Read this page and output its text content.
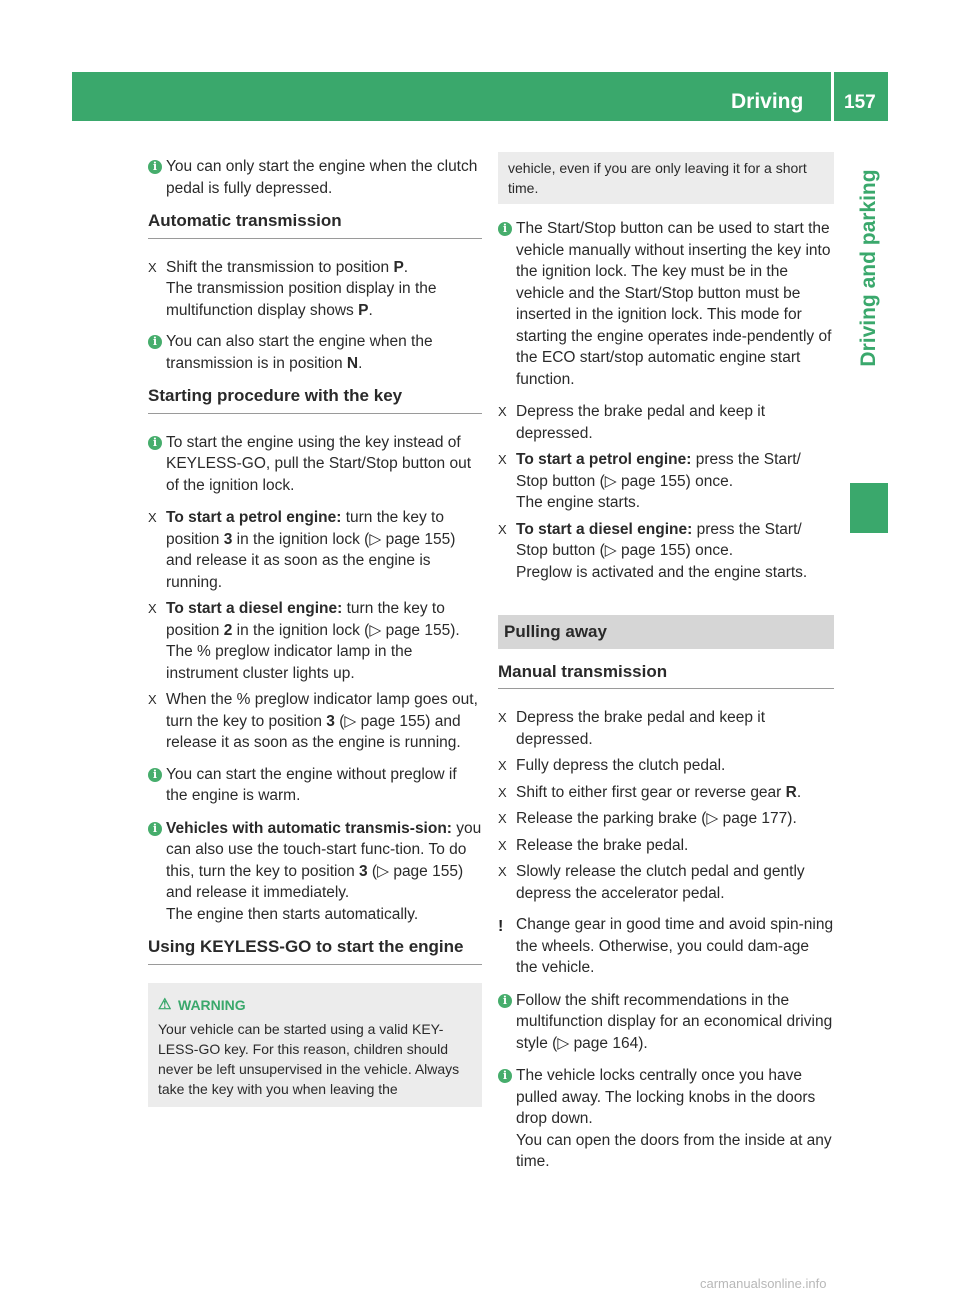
Driving 157
Driving and parking

i You can only start the engine when the clutch pedal is fully depressed.

Automatic transmission

X Shift the transmission to position P.
The transmission position display in the multifunction display shows P.

i You can also start the engine when the transmission is in position N.

Starting procedure with the key

i To start the engine using the key instead of KEYLESS-GO, pull the Start/Stop button out of the ignition lock.

X To start a petrol engine: turn the key to position 3 in the ignition lock (▷ page 155) and release it as soon as the engine is running.

X To start a diesel engine: turn the key to position 2 in the ignition lock (▷ page 155).
The % preglow indicator lamp in the instrument cluster lights up.

X When the % preglow indicator lamp goes out, turn the key to position 3 (▷ page 155) and release it as soon as the engine is running.

i You can start the engine without preglow if the engine is warm.

i Vehicles with automatic transmis-sion: you can also use the touch-start func-tion. To do this, turn the key to position 3 (▷ page 155) and release it immediately.
The engine then starts automatically.

Using KEYLESS-GO to start the engine

⚠ WARNING
Your vehicle can be started using a valid KEY-LESS-GO key. For this reason, children should never be left unsupervised in the vehicle. Always take the key with you when leaving the
vehicle, even if you are only leaving it for a short time.

i The Start/Stop button can be used to start the vehicle manually without inserting the key into the ignition lock. The key must be in the vehicle and the Start/Stop button must be inserted in the ignition lock. This mode for starting the engine operates inde-pendently of the ECO start/stop automatic engine start function.

X Depress the brake pedal and keep it depressed.

X To start a petrol engine: press the Start/ Stop button (▷ page 155) once.
The engine starts.

X To start a diesel engine: press the Start/ Stop button (▷ page 155) once.
Preglow is activated and the engine starts.

Pulling away

Manual transmission

X Depress the brake pedal and keep it depressed.

X Fully depress the clutch pedal.

X Shift to either first gear or reverse gear R.

X Release the parking brake (▷ page 177).

X Release the brake pedal.

X Slowly release the clutch pedal and gently depress the accelerator pedal.

! Change gear in good time and avoid spin-ning the wheels. Otherwise, you could dam-age the vehicle.

i Follow the shift recommendations in the multifunction display for an economical driving style (▷ page 164).

i The vehicle locks centrally once you have pulled away. The locking knobs in the doors drop down.
You can open the doors from the inside at any time.

carmanualsonline.info
